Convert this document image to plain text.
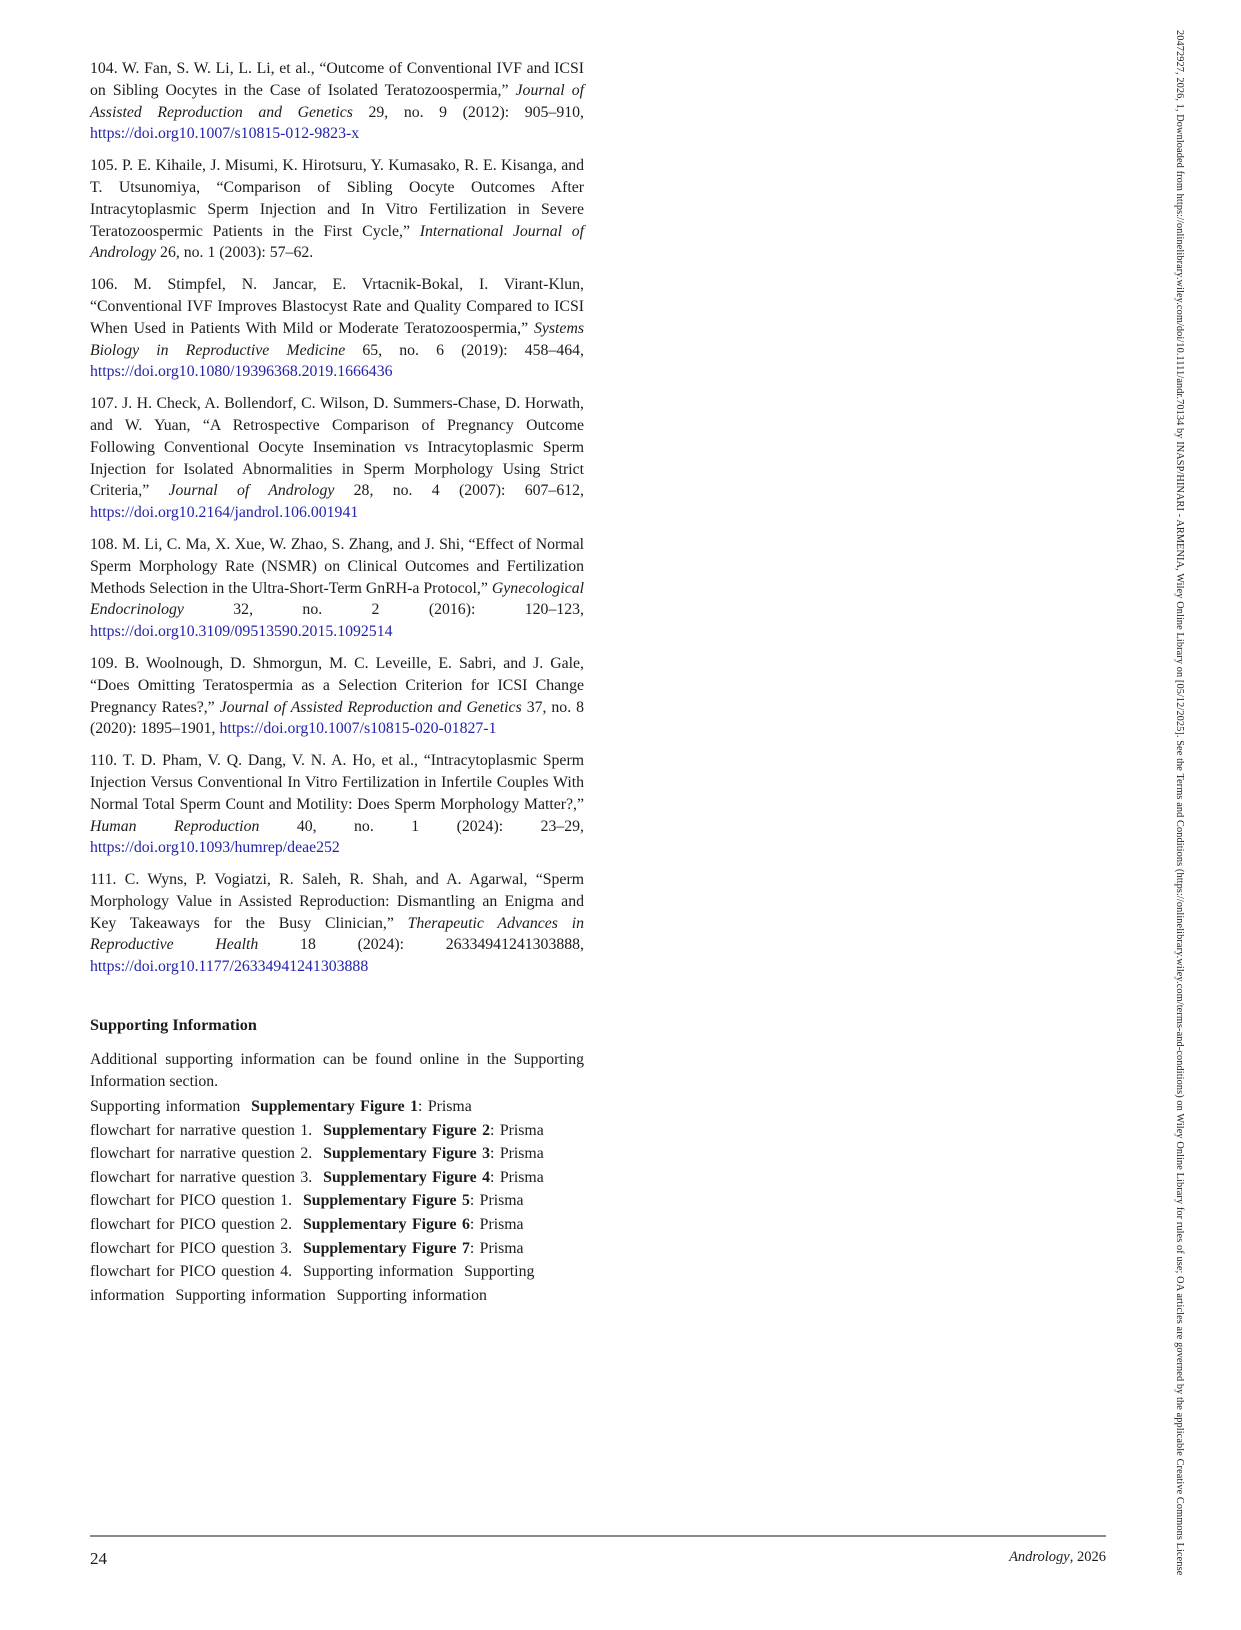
104. W. Fan, S. W. Li, L. Li, et al., “Outcome of Conventional IVF and ICSI on Sibling Oocytes in the Case of Isolated Teratozoospermia,” Journal of Assisted Reproduction and Genetics 29, no. 9 (2012): 905–910, https://doi.org10.1007/s10815-012-9823-x

105. P. E. Kihaile, J. Misumi, K. Hirotsuru, Y. Kumasako, R. E. Kisanga, and T. Utsunomiya, “Comparison of Sibling Oocyte Outcomes After Intracytoplasmic Sperm Injection and In Vitro Fertilization in Severe Teratozoospermic Patients in the First Cycle,” International Journal of Andrology 26, no. 1 (2003): 57–62.

106. M. Stimpfel, N. Jancar, E. Vrtacnik-Bokal, I. Virant-Klun, “Conventional IVF Improves Blastocyst Rate and Quality Compared to ICSI When Used in Patients With Mild or Moderate Teratozoospermia,” Systems Biology in Reproductive Medicine 65, no. 6 (2019): 458–464, https://doi.org10.1080/19396368.2019.1666436

107. J. H. Check, A. Bollendorf, C. Wilson, D. Summers-Chase, D. Horwath, and W. Yuan, “A Retrospective Comparison of Pregnancy Outcome Following Conventional Oocyte Insemination vs Intracytoplasmic Sperm Injection for Isolated Abnormalities in Sperm Morphology Using Strict Criteria,” Journal of Andrology 28, no. 4 (2007): 607–612, https://doi.org10.2164/jandrol.106.001941

108. M. Li, C. Ma, X. Xue, W. Zhao, S. Zhang, and J. Shi, “Effect of Normal Sperm Morphology Rate (NSMR) on Clinical Outcomes and Fertilization Methods Selection in the Ultra-Short-Term GnRH-a Protocol,” Gynecological Endocrinology 32, no. 2 (2016): 120–123, https://doi.org10.3109/09513590.2015.1092514

109. B. Woolnough, D. Shmorgun, M. C. Leveille, E. Sabri, and J. Gale, “Does Omitting Teratospermia as a Selection Criterion for ICSI Change Pregnancy Rates?,” Journal of Assisted Reproduction and Genetics 37, no. 8 (2020): 1895–1901, https://doi.org10.1007/s10815-020-01827-1

110. T. D. Pham, V. Q. Dang, V. N. A. Ho, et al., “Intracytoplasmic Sperm Injection Versus Conventional In Vitro Fertilization in Infertile Couples With Normal Total Sperm Count and Motility: Does Sperm Morphology Matter?,” Human Reproduction 40, no. 1 (2024): 23–29, https://doi.org10.1093/humrep/deae252

111. C. Wyns, P. Vogiatzi, R. Saleh, R. Shah, and A. Agarwal, “Sperm Morphology Value in Assisted Reproduction: Dismantling an Enigma and Key Takeaways for the Busy Clinician,” Therapeutic Advances in Reproductive Health 18 (2024): 26334941241303888, https://doi.org10.1177/26334941241303888

Supporting Information

Additional supporting information can be found online in the Supporting Information section.

Supporting information  Supplementary Figure 1: Prisma
flowchart for narrative question 1.  Supplementary Figure 2: Prisma
flowchart for narrative question 2.  Supplementary Figure 3: Prisma
flowchart for narrative question 3.  Supplementary Figure 4: Prisma
flowchart for PICO question 1.  Supplementary Figure 5: Prisma
flowchart for PICO question 2.  Supplementary Figure 6: Prisma
flowchart for PICO question 3.  Supplementary Figure 7: Prisma
flowchart for PICO question 4.  Supporting information  Supporting
information  Supporting information  Supporting information
24	Andrology, 2026	20472927, 2026, 1, Downloaded from https://onlinelibrary.wiley.com/doi/10.1111/andr.70134 by INASP/HINARI - ARMENIA, Wiley Online Library on [05/12/2025]. See the Terms and Conditions (https://onlinelibrary.wiley.com/terms-and-conditions) on Wiley Online Library for rules of use; OA articles are governed by the applicable Creative Commons License
